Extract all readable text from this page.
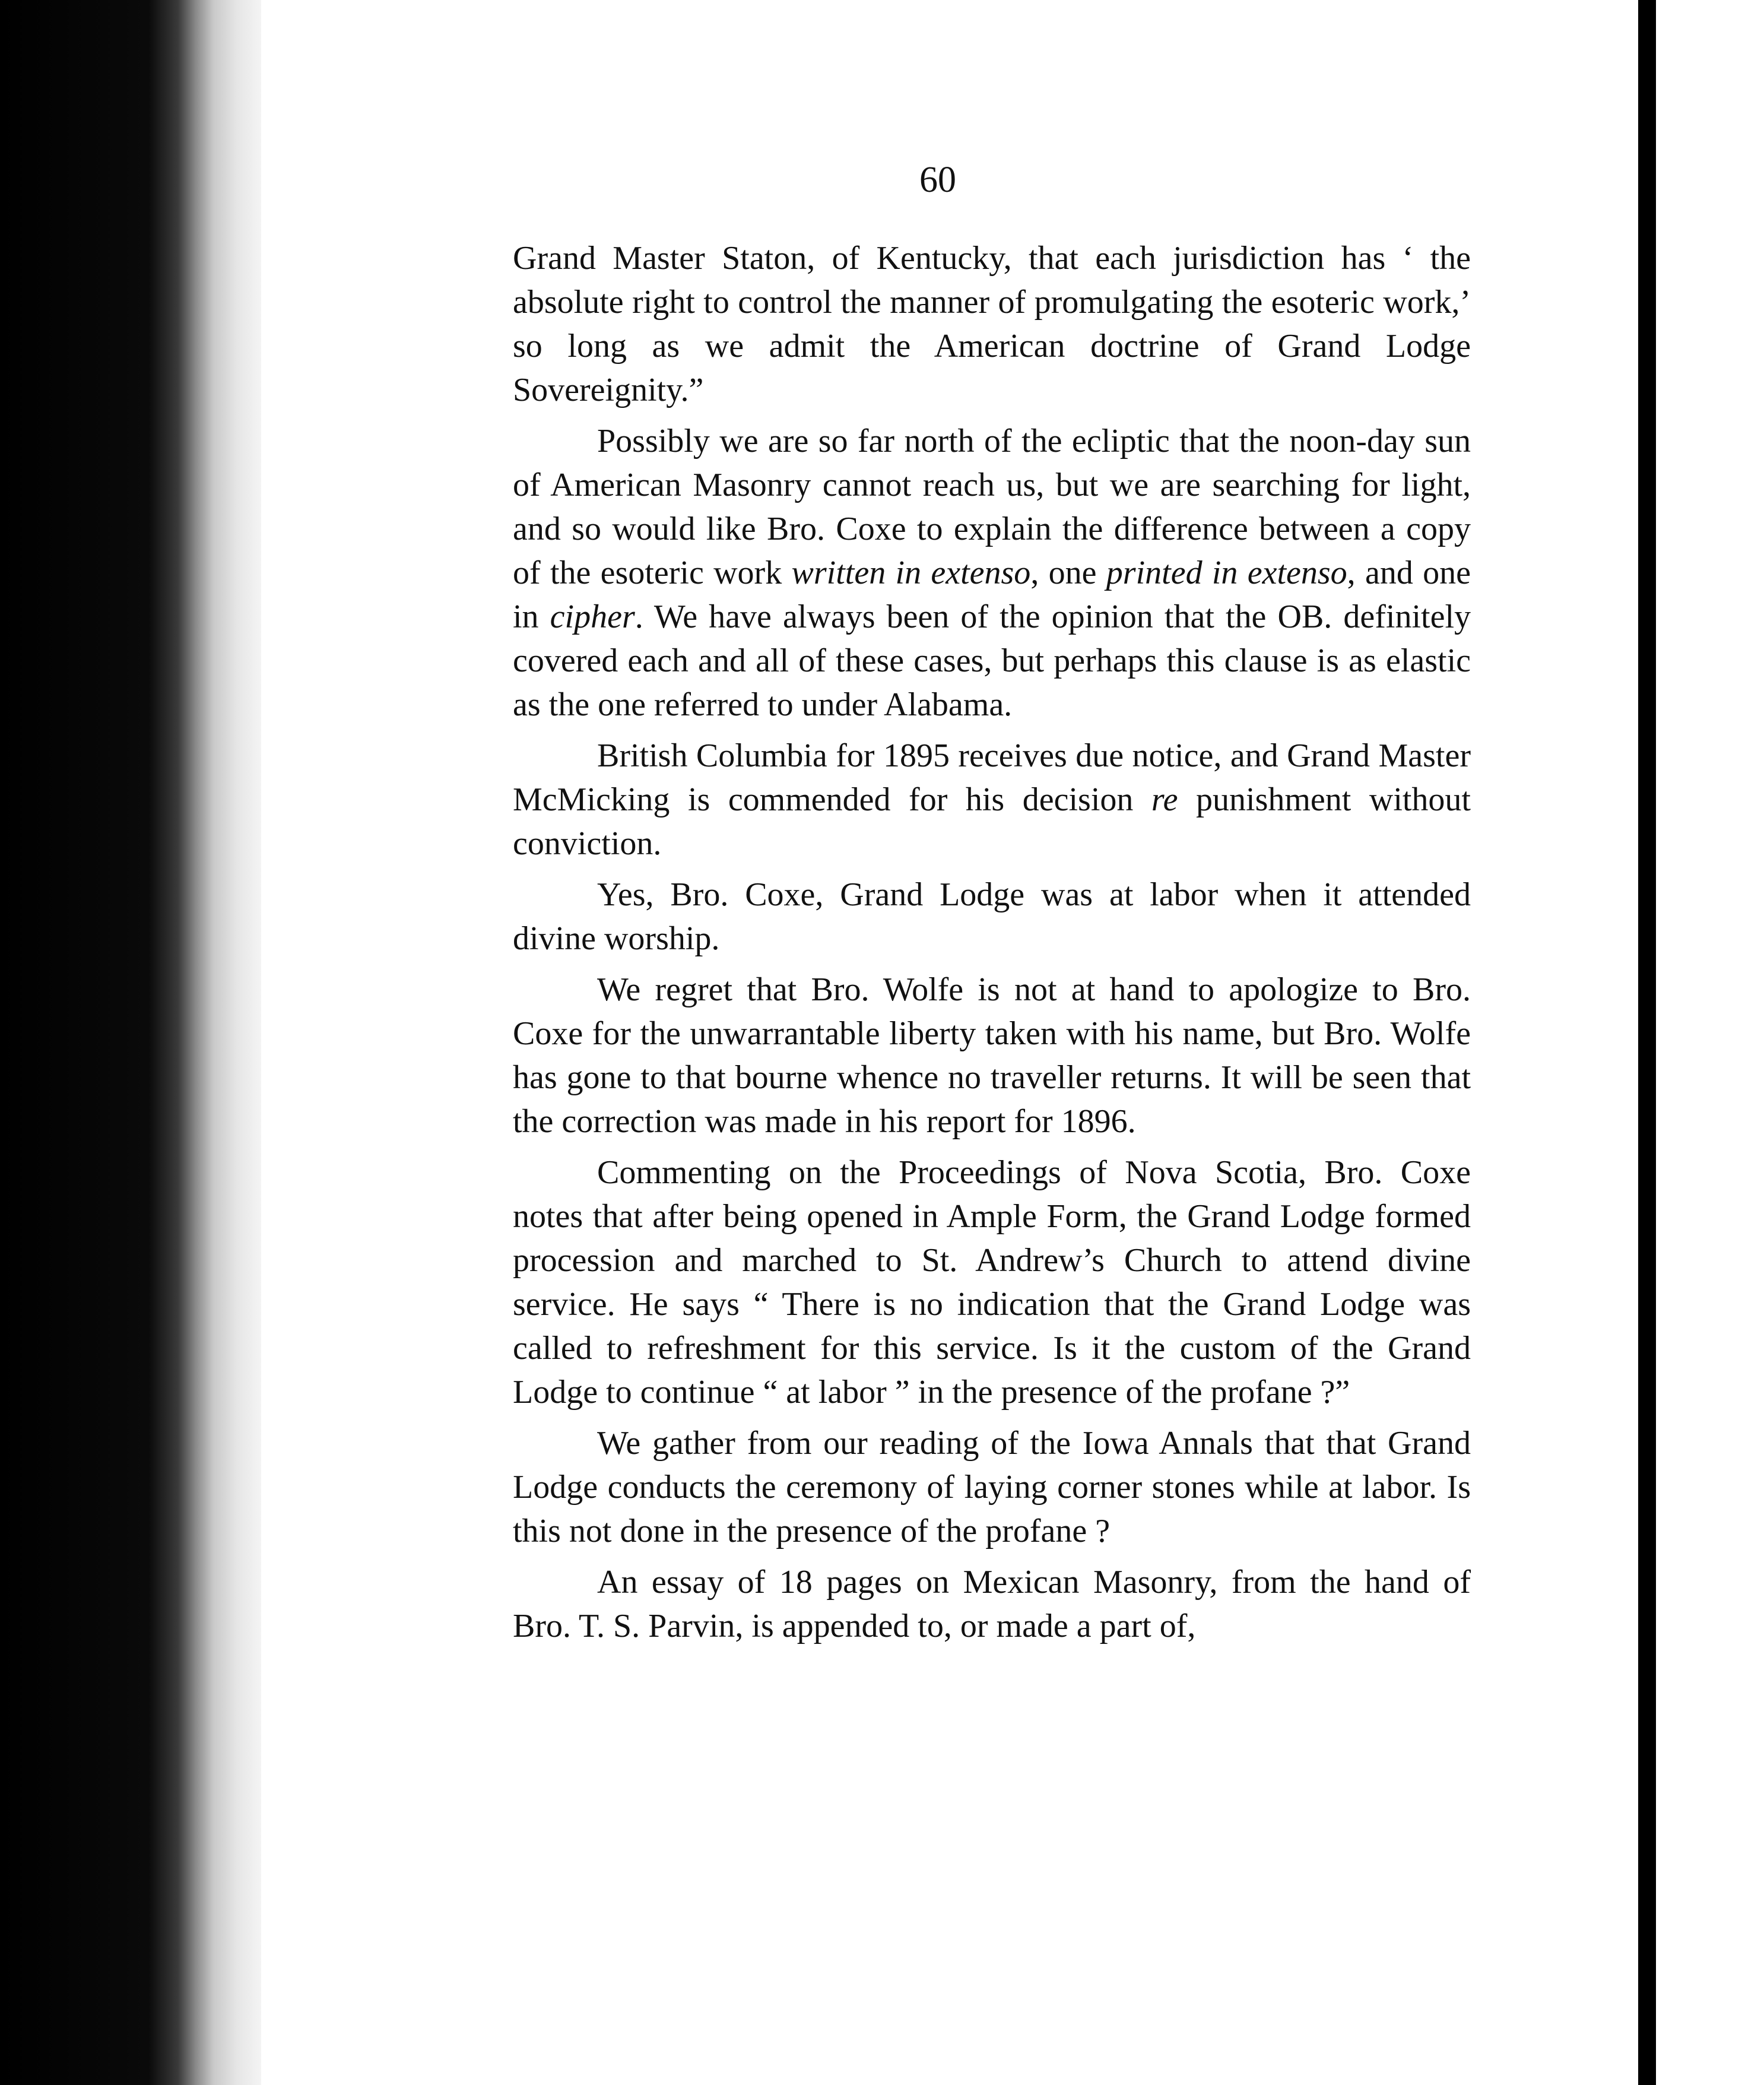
60

Grand Master Staton, of Kentucky, that each jurisdiction has ‘ the absolute right to control the manner of promulgating the esoteric work,’ so long as we admit the American doctrine of Grand Lodge Sovereignity.”

Possibly we are so far north of the ecliptic that the noon-day sun of American Masonry cannot reach us, but we are searching for light, and so would like Bro. Coxe to explain the difference between a copy of the esoteric work written in extenso, one printed in extenso, and one in cipher. We have always been of the opinion that the OB. definitely covered each and all of these cases, but perhaps this clause is as elastic as the one referred to under Alabama.

British Columbia for 1895 receives due notice, and Grand Master McMicking is commended for his decision re punishment without conviction.

Yes, Bro. Coxe, Grand Lodge was at labor when it attended divine worship.

We regret that Bro. Wolfe is not at hand to apologize to Bro. Coxe for the unwarrantable liberty taken with his name, but Bro. Wolfe has gone to that bourne whence no traveller returns. It will be seen that the correction was made in his report for 1896.

Commenting on the Proceedings of Nova Scotia, Bro. Coxe notes that after being opened in Ample Form, the Grand Lodge formed procession and marched to St. Andrew’s Church to attend divine service. He says “ There is no indication that the Grand Lodge was called to refreshment for this service. Is it the custom of the Grand Lodge to continue “ at labor ” in the presence of the profane ?”

We gather from our reading of the Iowa Annals that that Grand Lodge conducts the ceremony of laying corner stones while at labor. Is this not done in the presence of the profane ?

An essay of 18 pages on Mexican Masonry, from the hand of Bro. T. S. Parvin, is appended to, or made a part of,
